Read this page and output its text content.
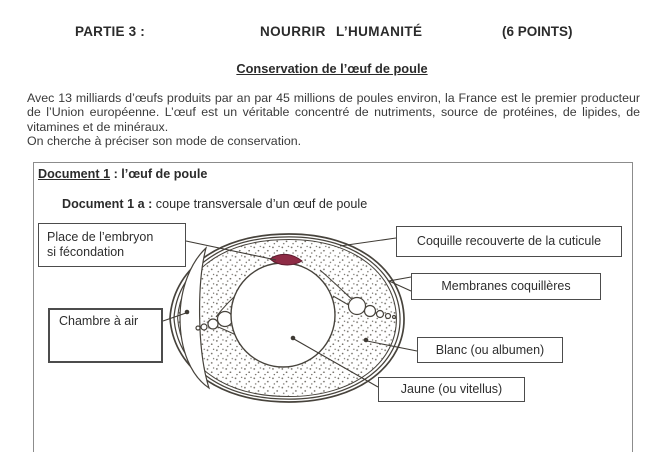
PARTIE 3 :	NOURRIR L’HUMANITÉ	(6 POINTS)
Conservation de l’œuf de poule
Avec 13 milliards d’œufs produits par an par 45 millions de poules environ, la France est le premier producteur de l’Union européenne. L’œuf est un véritable concentré de nutriments, source de protéines, de lipides, de vitamines et de minéraux.
On cherche à préciser son mode de conservation.
Document 1 : l’œuf de poule
Document 1 a : coupe transversale d’un œuf de poule
Place de l’embryon
si fécondation
Coquille recouverte de la cuticule
Membranes coquillères
Chambre à air
Blanc (ou albumen)
Jaune (ou vitellus)
